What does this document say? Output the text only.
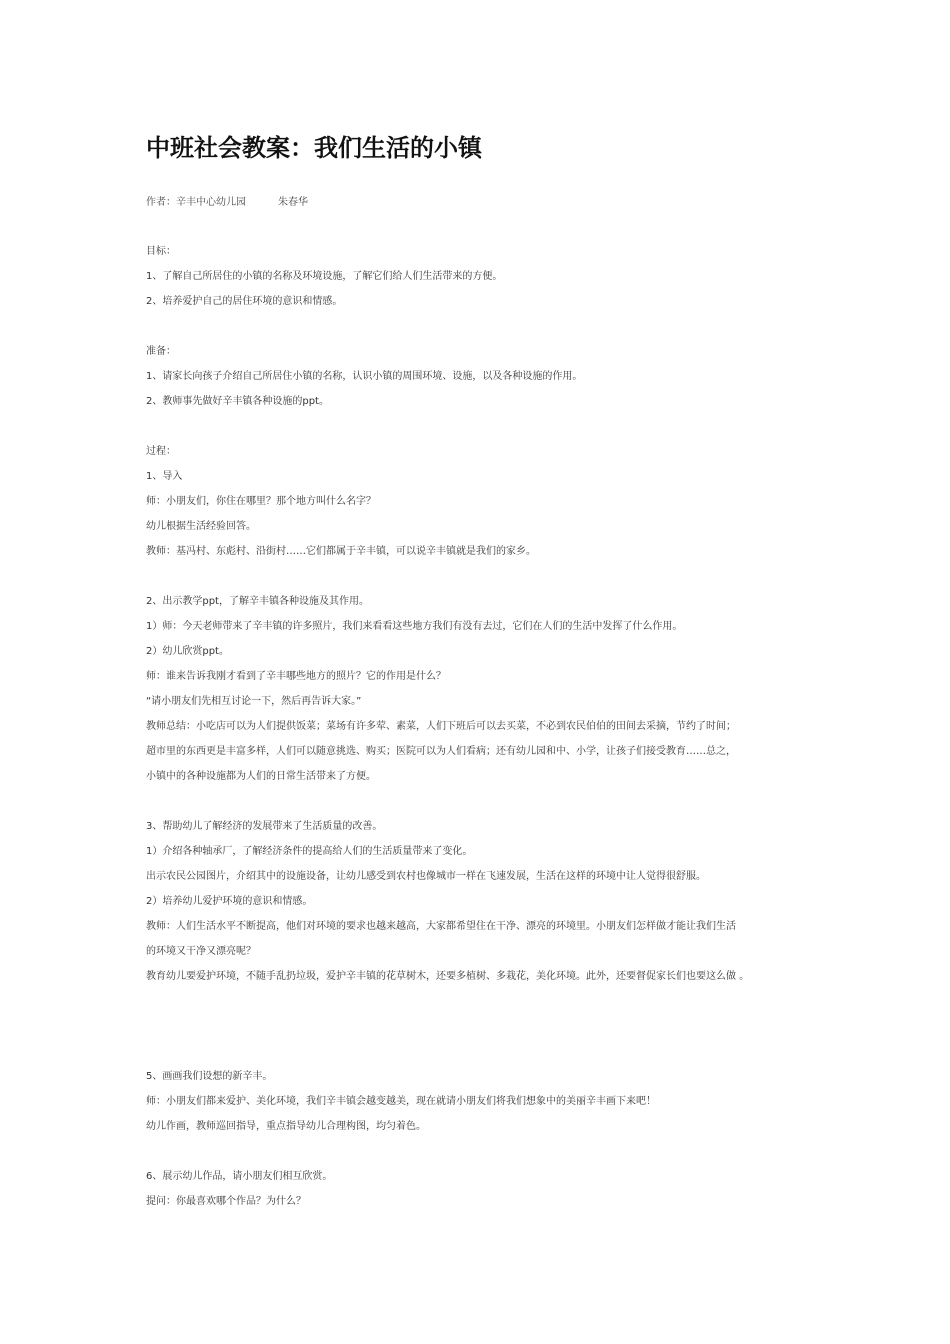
中班社会教案：我们生活的小镇
作者：辛丰中心幼儿园	朱春华
目标：
1、了解自己所居住的小镇的名称及环境设施，了解它们给人们生活带来的方便。
2、培养爱护自己的居住环境的意识和情感。
准备：
1、请家长向孩子介绍自己所居住小镇的名称，认识小镇的周围环境、设施，以及各种设施的作用。
2、教师事先做好辛丰镇各种设施的ppt。
过程：
1、导入
师：小朋友们，你住在哪里？那个地方叫什么名字？
幼儿根据生活经验回答。
教师：基冯村、东彪村、沿街村……它们都属于辛丰镇，可以说辛丰镇就是我们的家乡。
2、出示教学ppt，了解辛丰镇各种设施及其作用。
1）师：今天老师带来了辛丰镇的许多照片，我们来看看这些地方我们有没有去过，它们在人们的生活中发挥了什么作用。
2）幼儿欣赏ppt。
师：谁来告诉我刚才看到了辛丰哪些地方的照片？它的作用是什么？
“请小朋友们先相互讨论一下，然后再告诉大家。”
教师总结：小吃店可以为人们提供饭菜；菜场有许多荤、素菜，人们下班后可以去买菜，不必到农民伯伯的田间去采摘，节约了时间；
超市里的东西更是丰富多样，人们可以随意挑选、购买；医院可以为人们看病；还有幼儿园和中、小学，让孩子们接受教育……总之，
小镇中的各种设施都为人们的日常生活带来了方便。
3、帮助幼儿了解经济的发展带来了生活质量的改善。
1）介绍各种轴承厂，了解经济条件的提高给人们的生活质量带来了变化。
出示农民公园图片，介绍其中的设施设备，让幼儿感受到农村也像城市一样在飞速发展，生活在这样的环境中让人觉得很舒服。
2）培养幼儿爱护环境的意识和情感。
教师：人们生活水平不断提高，他们对环境的要求也越来越高，大家都希望住在干净、漂亮的环境里。小朋友们怎样做才能让我们生活
的环境又干净又漂亮呢？
教育幼儿要爱护环境，不随手乱扔垃圾，爱护辛丰镇的花草树木，还要多植树、多栽花，美化环境。此外，还要督促家长们也要这么做 。
5、画画我们设想的新辛丰。
师：小朋友们都来爱护、美化环境，我们辛丰镇会越变越美，现在就请小朋友们将我们想象中的美丽辛丰画下来吧！
幼儿作画，教师巡回指导，重点指导幼儿合理构图，均匀着色。
6、展示幼儿作品，请小朋友们相互欣赏。
提问：你最喜欢哪个作品？为什么？
